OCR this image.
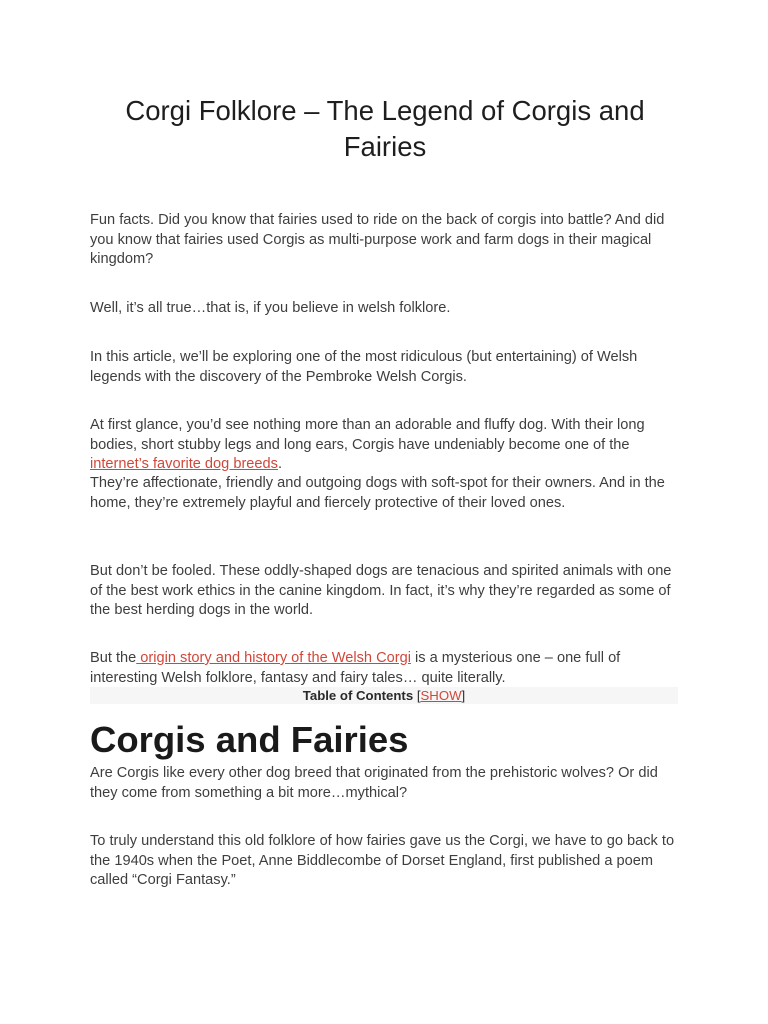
Corgi Folklore – The Legend of Corgis and Fairies

Fun facts. Did you know that fairies used to ride on the back of corgis into battle? And did you know that fairies used Corgis as multi-purpose work and farm dogs in their magical kingdom?

Well, it’s all true…that is, if you believe in welsh folklore.

In this article, we’ll be exploring one of the most ridiculous (but entertaining) of Welsh legends with the discovery of the Pembroke Welsh Corgis.

At first glance, you’d see nothing more than an adorable and fluffy dog. With their long bodies, short stubby legs and long ears, Corgis have undeniably become one of the internet’s favorite dog breeds.

They’re affectionate, friendly and outgoing dogs with soft-spot for their owners. And in the home, they’re extremely playful and fiercely protective of their loved ones.

But don’t be fooled. These oddly-shaped dogs are tenacious and spirited animals with one of the best work ethics in the canine kingdom. In fact, it’s why they’re regarded as some of the best herding dogs in the world.

But the origin story and history of the Welsh Corgi is a mysterious one – one full of interesting Welsh folklore, fantasy and fairy tales… quite literally.

Table of Contents [SHOW]
Corgis and Fairies

Are Corgis like every other dog breed that originated from the prehistoric wolves? Or did they come from something a bit more…mythical?

To truly understand this old folklore of how fairies gave us the Corgi, we have to go back to the 1940s when the Poet, Anne Biddlecombe of Dorset England, first published a poem called “Corgi Fantasy.”
